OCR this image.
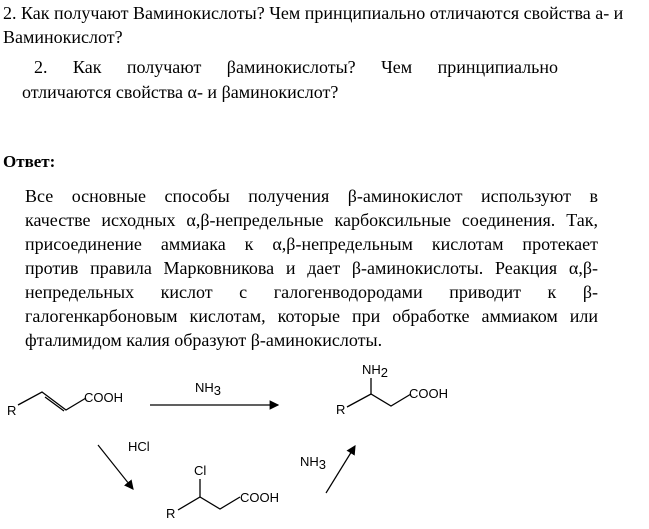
2. Как получают Ваминокислоты? Чем принципиально отличаются свойства а- и Ваминокислот?
2. Как получают βаминокислоты? Чем принципиально
отличаются свойства α- и βаминокислот?
Ответ:
Все основные способы получения β-аминокислот используют в
качестве исходных α,β-непредельные карбоксильные соединения. Так,
присоединение аммиака к α,β-непредельным кислотам протекает
против правила Марковникова и дает β-аминокислоты. Реакция α,β-
непредельных кислот с галогенводородами приводит к β-
галогенкарбоновым кислотам, которые при обработке аммиаком или
фталимидом калия образуют β-аминокислоты.
R
COOH
NH3
NH2
R
COOH
HCl
Cl
R
COOH
NH3
